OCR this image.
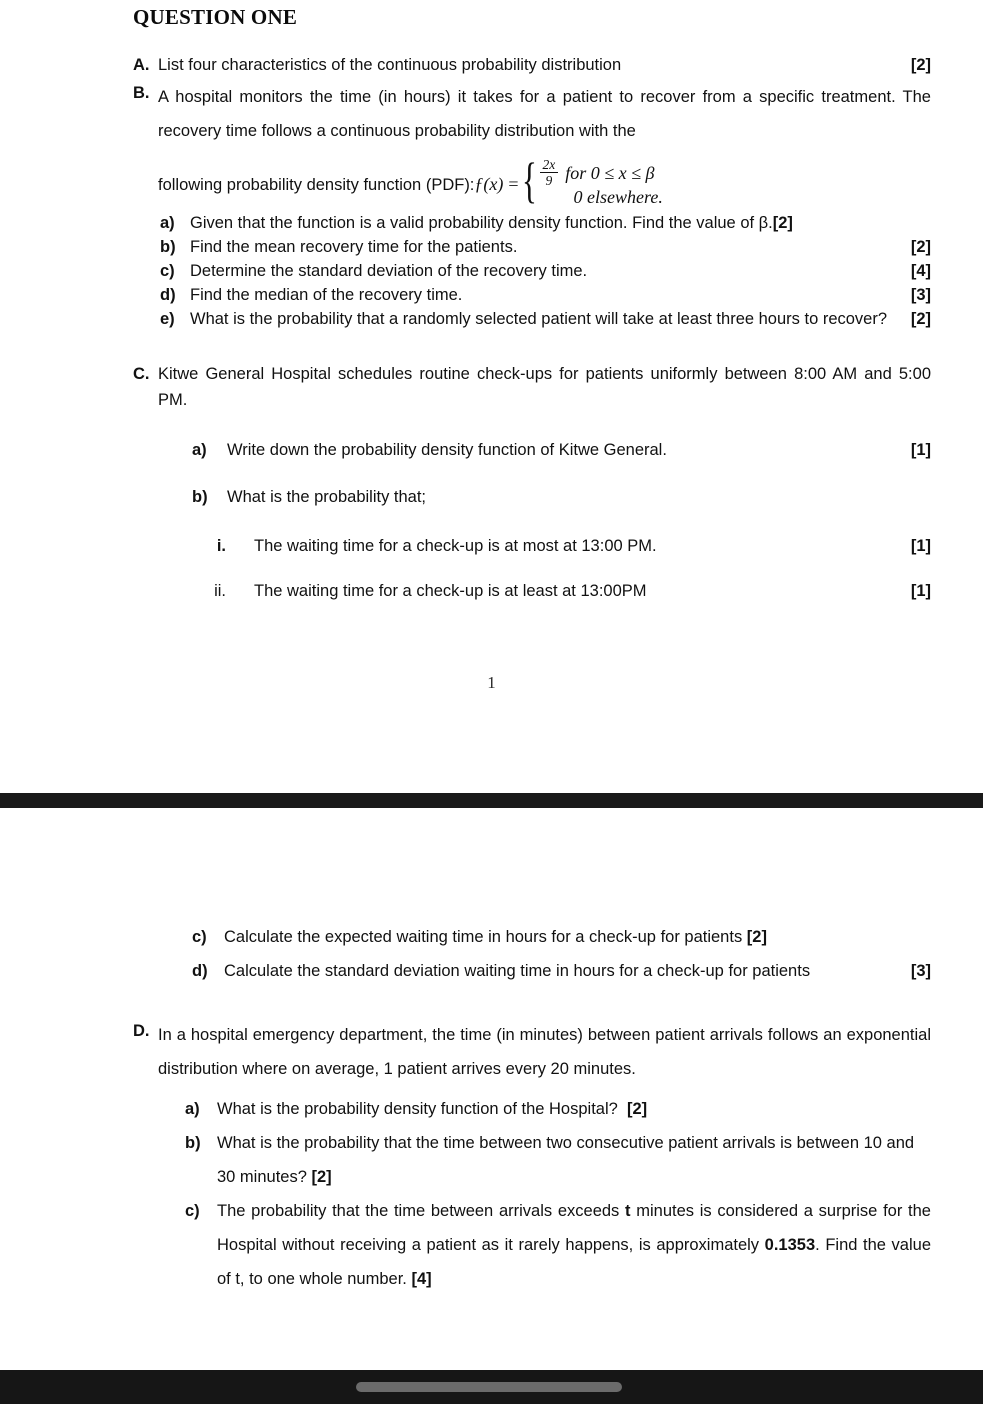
QUESTION ONE
A.	[2]
List four characteristics of the continuous probability distribution
B. A hospital monitors the time (in hours) it takes for a patient to recover from a specific treatment. The recovery time follows a continuous probability distribution with the
following probability density function (PDF): ƒ(x) = { $\frac{2x}{9}$ for 0 ≤ x ≤ β
0 elsewhere.
a) Given that the function is a valid probability density function. Find the value of β.[2]
b)	[2]
Find the mean recovery time for the patients.
c)	[4]
Determine the standard deviation of the recovery time.
d)	[3]
Find the median of the recovery time.
e)	[2]
What is the probability that a randomly selected patient will take at least three hours to recover?
C. Kitwe General Hospital schedules routine check-ups for patients uniformly between 8:00 AM and 5:00 PM.
a)	[1]
Write down the probability density function of Kitwe General.
b)	What is the probability that;
i.	[1]
The waiting time for a check-up is at most at 13:00 PM.
ii.	[1]
The waiting time for a check-up is at least at 13:00PM
1
c)	Calculate the expected waiting time in hours for a check-up for patients [2]
d)	[3]
Calculate the standard deviation waiting time in hours for a check-up for patients
D. In a hospital emergency department, the time (in minutes) between patient arrivals follows an exponential distribution where on average, 1 patient arrives every 20 minutes.
a)	What is the probability density function of the Hospital? [2]
b) What is the probability that the time between two consecutive patient arrivals is between 10 and 30 minutes? [2]
c)	The probability that the time between arrivals exceeds t minutes is considered a surprise for the Hospital without receiving a patient as it rarely happens, is approximately 0.1353. Find the value of t, to one whole number. [4]
